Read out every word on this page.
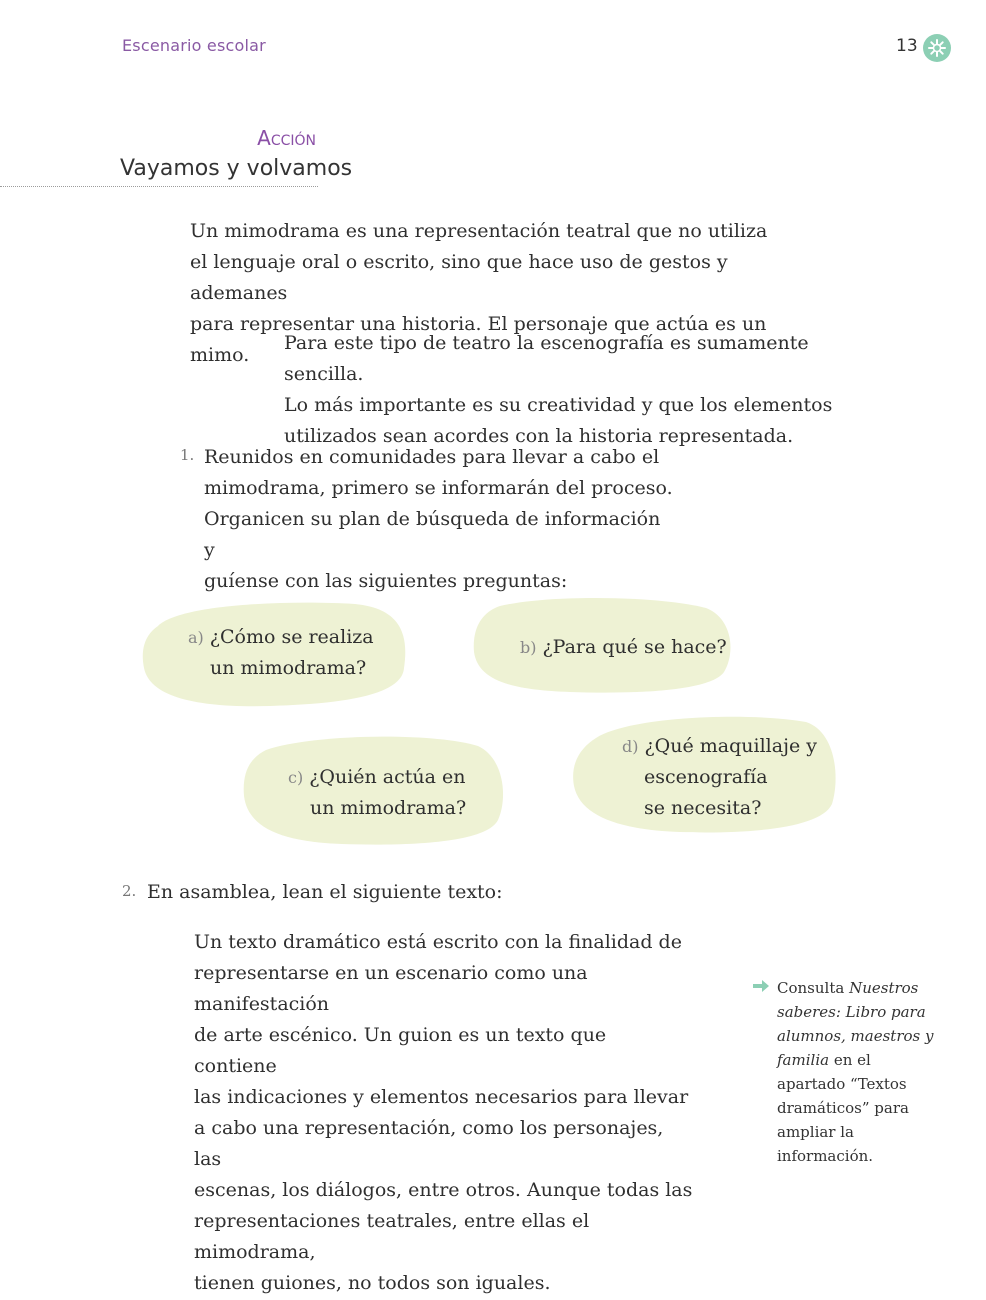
Escenario escolar	13
Acción
Vayamos y volvamos
Un mimodrama es una representación teatral que no utiliza
el lenguaje oral o escrito, sino que hace uso de gestos y ademanes
para representar una historia. El personaje que actúa es un mimo.
Para este tipo de teatro la escenografía es sumamente sencilla.
Lo más importante es su creatividad y que los elementos
utilizados sean acordes con la historia representada.
1. Reunidos en comunidades para llevar a cabo el
mimodrama, primero se informarán del proceso.
Organicen su plan de búsqueda de información y
guíense con las siguientes preguntas:
a) ¿Cómo se realiza
un mimodrama?
b) ¿Para qué se hace?
c) ¿Quién actúa en
un mimodrama?
d) ¿Qué maquillaje y
escenografía
se necesita?
2. En asamblea, lean el siguiente texto:
Un texto dramático está escrito con la finalidad de
representarse en un escenario como una manifestación
de arte escénico. Un guion es un texto que contiene
las indicaciones y elementos necesarios para llevar
a cabo una representación, como los personajes, las
escenas, los diálogos, entre otros. Aunque todas las
representaciones teatrales, entre ellas el mimodrama,
tienen guiones, no todos son iguales.
Consulta Nuestros saberes: Libro para alumnos, maestros y familia en el apartado “Textos dramáticos” para ampliar la información.
